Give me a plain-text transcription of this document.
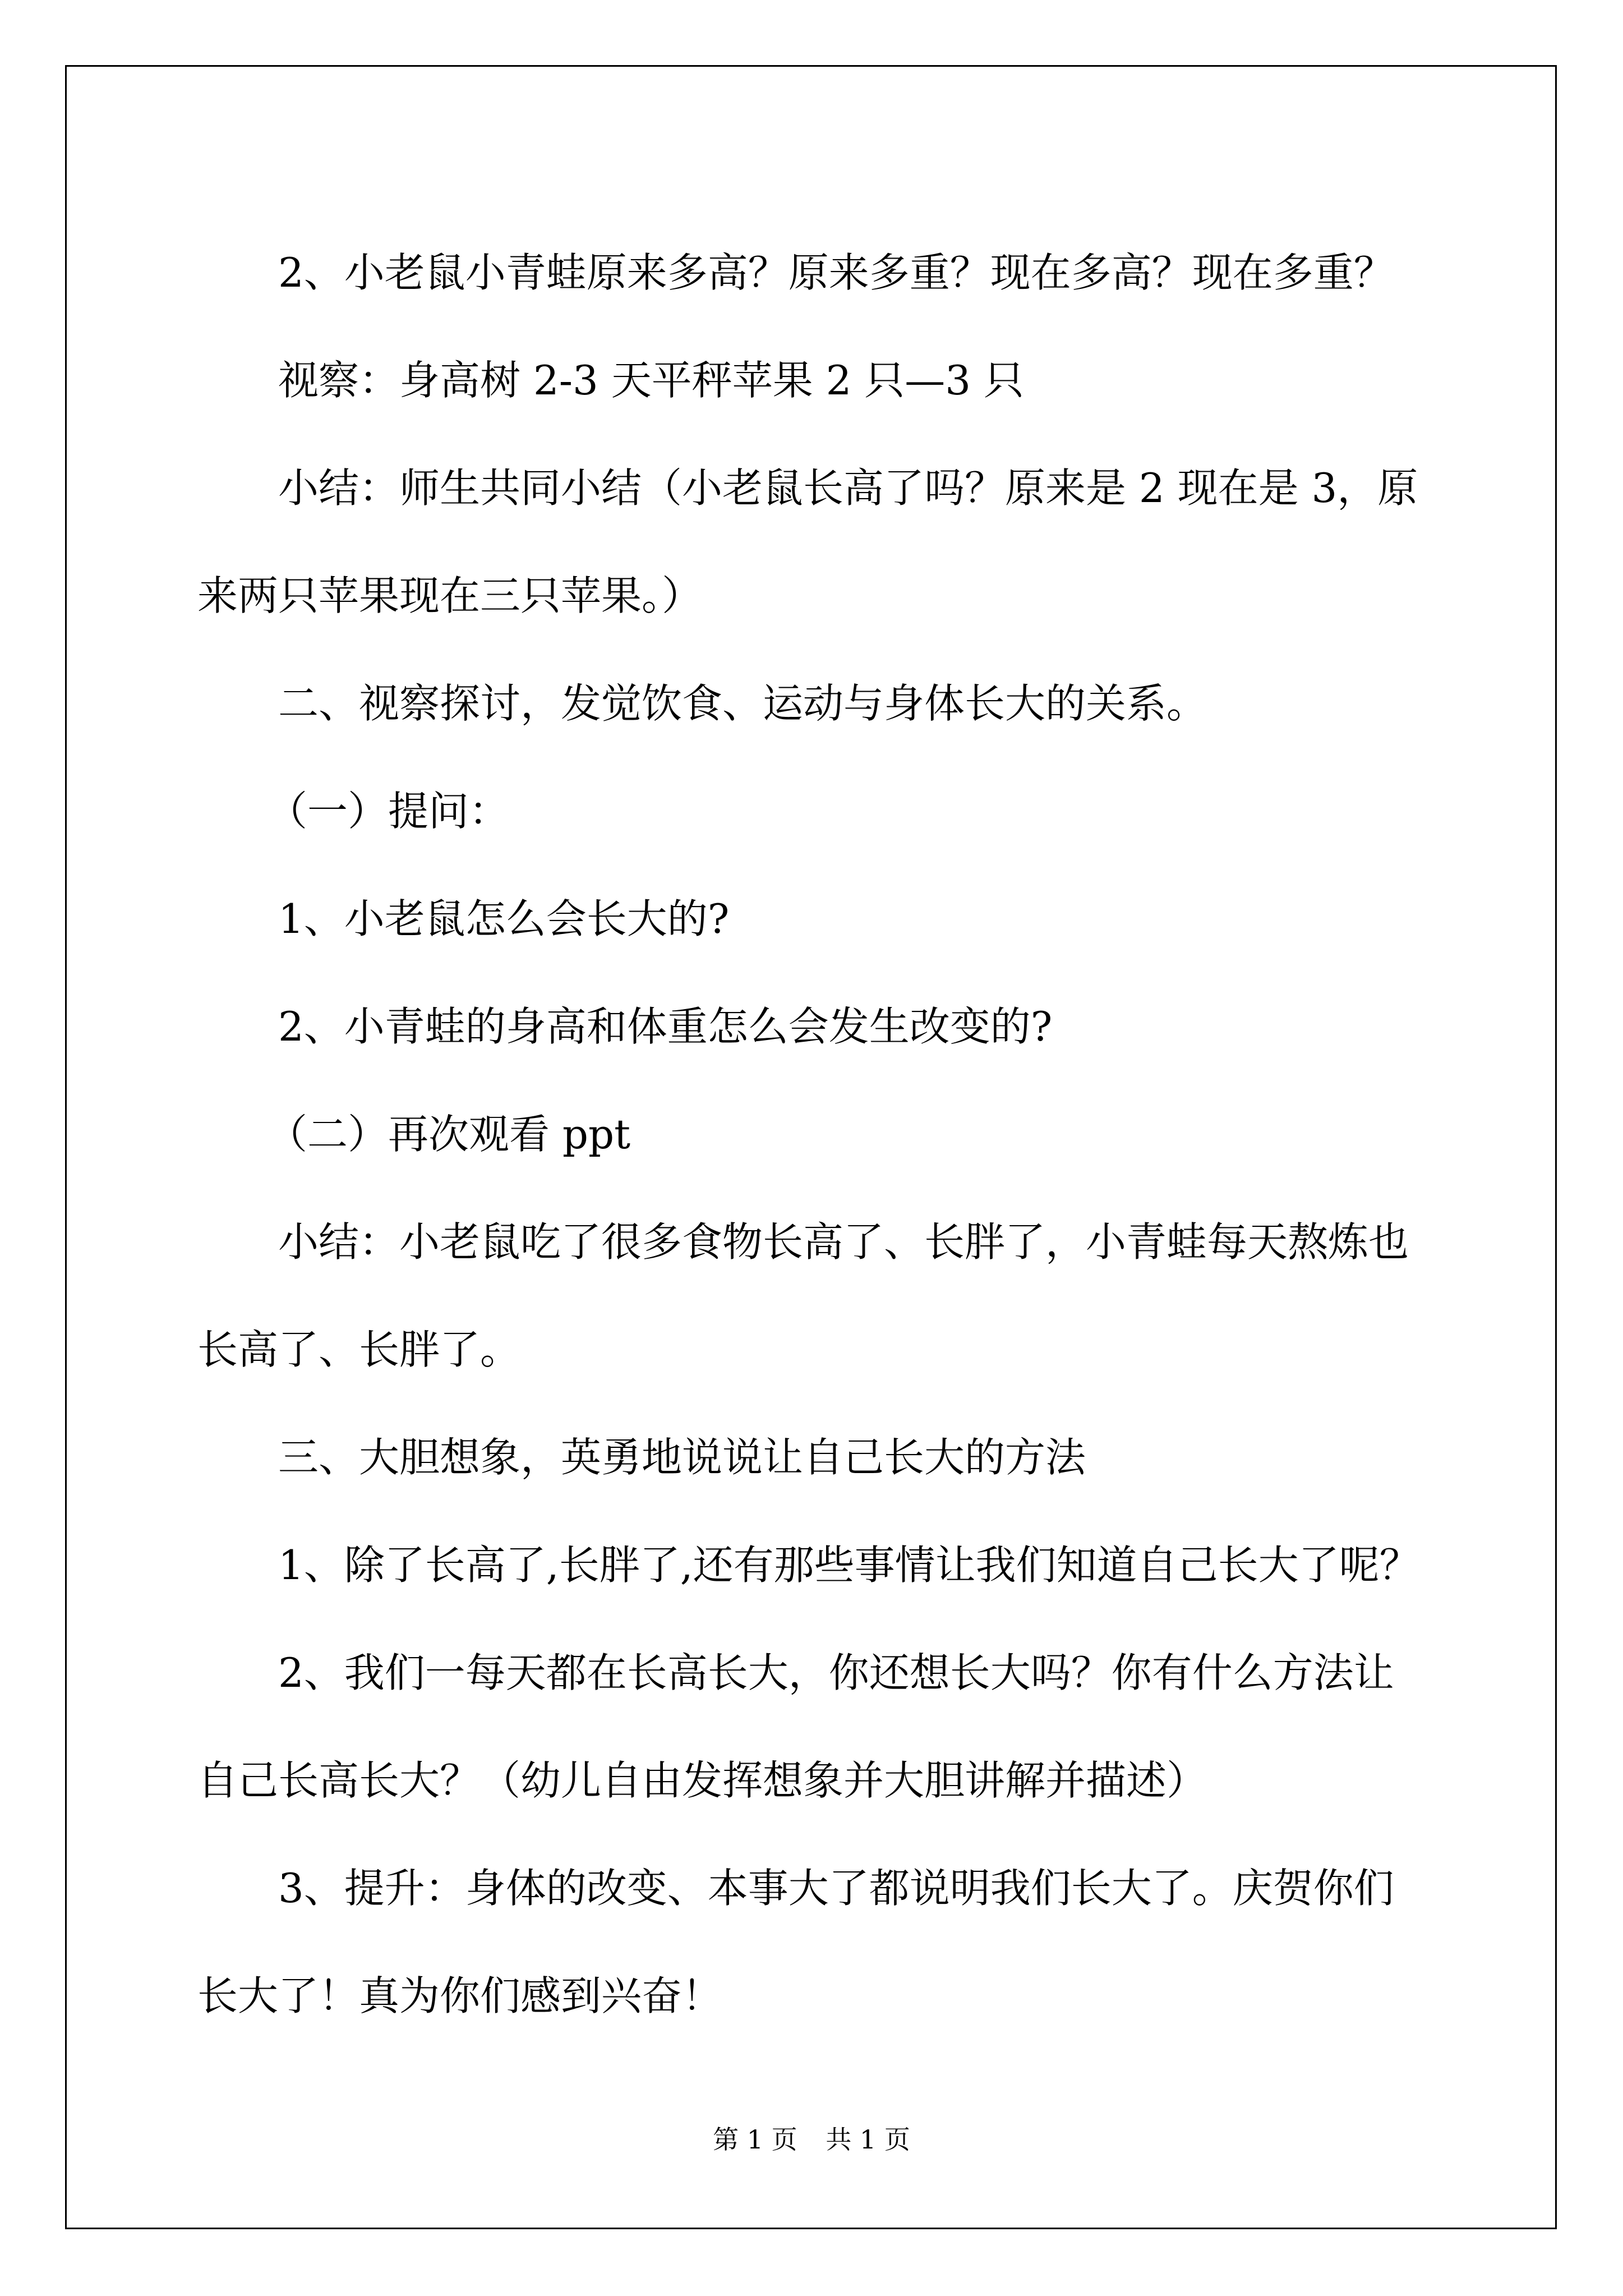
2、小老鼠小青蛙原来多高？原来多重？现在多高？现在多重？

视察：身高树 2-3 天平秤苹果 2 只—3 只

小结：师生共同小结（小老鼠长高了吗？原来是 2 现在是 3，原来两只苹果现在三只苹果。）

二、视察探讨，发觉饮食、运动与身体长大的关系。

（一）提问：

1、小老鼠怎么会长大的?

2、小青蛙的身高和体重怎么会发生改变的?

（二）再次观看 ppt

小结：小老鼠吃了很多食物长高了、长胖了，小青蛙每天熬炼也长高了、长胖了。

三、大胆想象，英勇地说说让自己长大的方法

1、除了长高了,长胖了,还有那些事情让我们知道自己长大了呢？

2、我们一每天都在长高长大，你还想长大吗？你有什么方法让自己长高长大？（幼儿自由发挥想象并大胆讲解并描述）

3、提升：身体的改变、本事大了都说明我们长大了。庆贺你们长大了！真为你们感到兴奋！

第 1 页 共 1 页
